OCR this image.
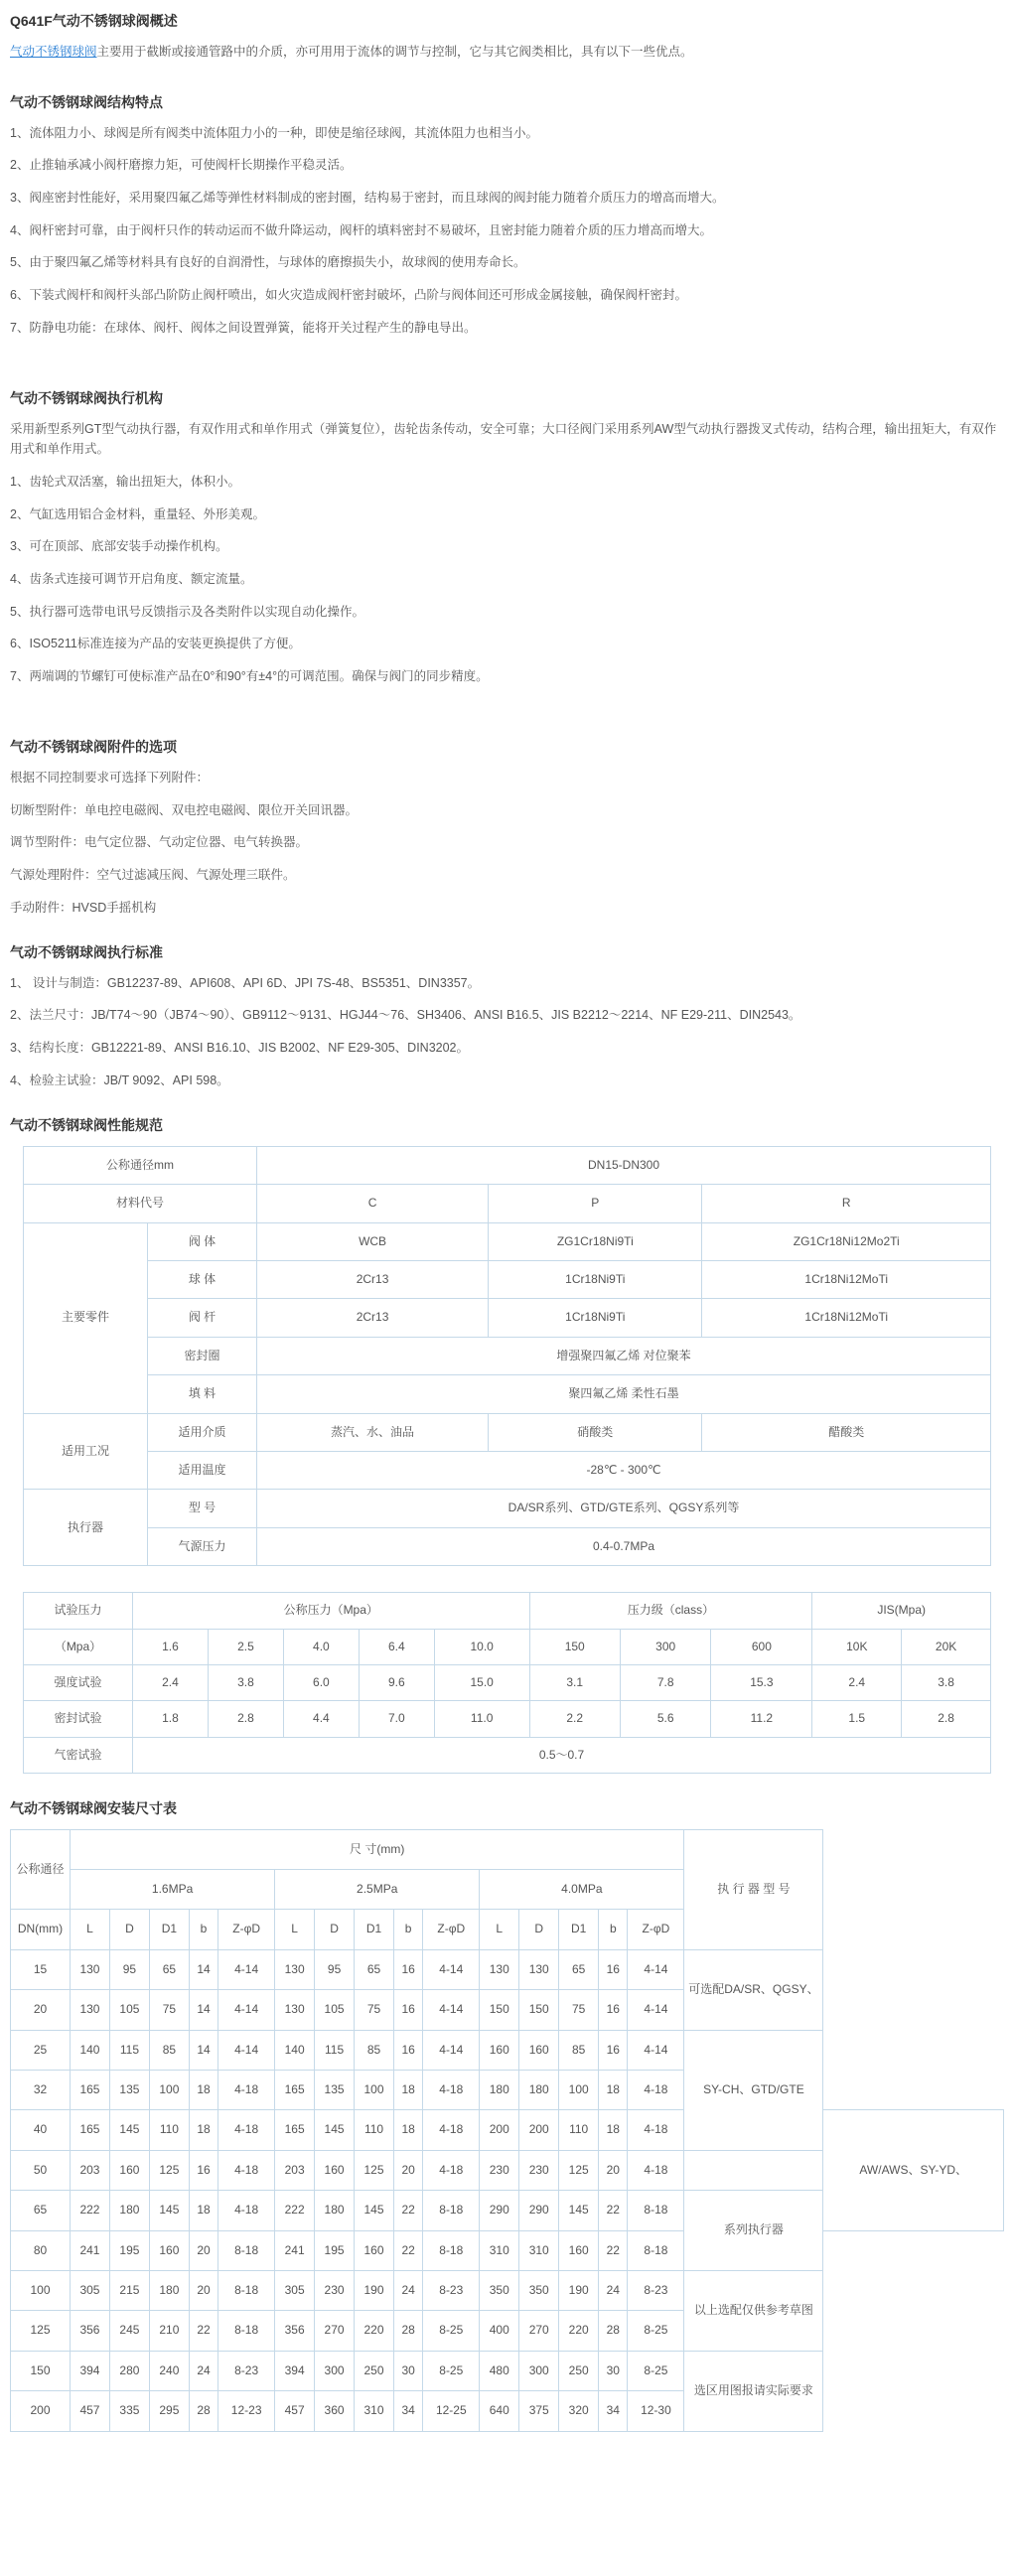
Q641F气动不锈钢球阀概述

气动不锈钢球阀主要用于截断或接通管路中的介质，亦可用用于流体的调节与控制，它与其它阀类相比，具有以下一些优点。

气动不锈钢球阀结构特点

1、流体阻力小、球阀是所有阀类中流体阻力小的一种，即使是缩径球阀，其流体阻力也相当小。

2、止推轴承减小阀杆磨擦力矩，可使阀杆长期操作平稳灵活。

3、阀座密封性能好，采用聚四氟乙烯等弹性材料制成的密封圈，结构易于密封，而且球阀的阀封能力随着介质压力的增高而增大。

4、阀杆密封可靠，由于阀杆只作的转动运而不做升降运动，阀杆的填料密封不易破坏，且密封能力随着介质的压力增高而增大。

5、由于聚四氟乙烯等材料具有良好的自润滑性，与球体的磨擦损失小，故球阀的使用寿命长。

6、下装式阀杆和阀杆头部凸阶防止阀杆喷出，如火灾造成阀杆密封破坏，凸阶与阀体间还可形成金属接触，确保阀杆密封。

7、防静电功能：在球体、阀杆、阀体之间设置弹簧，能将开关过程产生的静电导出。

气动不锈钢球阀执行机构

采用新型系列GT型气动执行器，有双作用式和单作用式（弹簧复位），齿轮齿条传动，安全可靠；大口径阀门采用系列AW型气动执行器拨叉式传动，结构合理，输出扭矩大，有双作用式和单作用式。

1、齿轮式双活塞，输出扭矩大，体积小。

2、气缸选用铝合金材料，重量轻、外形美观。

3、可在顶部、底部安装手动操作机构。

4、齿条式连接可调节开启角度、额定流量。

5、执行器可选带电讯号反馈指示及各类附件以实现自动化操作。

6、ISO5211标准连接为产品的安装更换提供了方便。

7、两端调的节螺钉可使标准产品在0°和90°有±4°的可调范围。确保与阀门的同步精度。

气动不锈钢球阀附件的选项

根据不同控制要求可选择下列附件：

切断型附件：单电控电磁阀、双电控电磁阀、限位开关回讯器。

调节型附件：电气定位器、气动定位器、电气转换器。

气源处理附件：空气过滤减压阀、气源处理三联件。

手动附件：HVSD手摇机构

气动不锈钢球阀执行标准

1、 设计与制造：GB12237-89、API608、API 6D、JPI 7S-48、BS5351、DIN3357。

2、法兰尺寸：JB/T74～90（JB74～90）、GB9112～9131、HGJ44～76、SH3406、ANSI B16.5、JIS B2212～2214、NF E29-211、DIN2543。

3、结构长度：GB12221-89、ANSI B16.10、JIS B2002、NF E29-305、DIN3202。

4、检验主试验：JB/T 9092、API 598。

气动不锈钢球阀性能规范
公称通径mm		DN15-DN300		
材料代号		C	P	R
主要零件	阀 体	WCB	ZG1Cr18Ni9Ti	ZG1Cr18Ni12Mo2Ti
	球 体	2Cr13	1Cr18Ni9Ti	1Cr18Ni12MoTi
	阀 杆	2Cr13	1Cr18Ni9Ti	1Cr18Ni12MoTi
	密封圈	增强聚四氟乙烯 对位聚苯		
	填 料	聚四氟乙烯 柔性石墨		
适用工况	适用介质	蒸汽、水、油品	硝酸类	醋酸类
	适用温度	-28℃ - 300℃		
执行器	型 号	DA/SR系列、GTD/GTE系列、QGSY系列等		
	气源压力	0.4-0.7MPa		
试验压力	公称压力（Mpa）					压力级（class）			JIS(Mpa)	
（Mpa）	1.6	2.5	4.0	6.4	10.0	150	300	600	10K	20K
强度试验	2.4	3.8	6.0	9.6	15.0	3.1	7.8	15.3	2.4	3.8
密封试验	1.8	2.8	4.4	7.0	11.0	2.2	5.6	11.2	1.5	2.8
气密试验	0.5～0.7									
气动不锈钢球阀安装尺寸表
公称通径	尺 寸(mm)															执 行 器 型 号	
	1.6MPa					2.5MPa					4.0MPa						
DN(mm)	L	D	D1	b	Z-φD	L	D	D1	b	Z-φD	L	D	D1	b	Z-φD		
15	130	95	65	14	4-14	130	95	65	16	4-14	130	130	65	16	4-14	可选配DA/SR、QGSY、	
20	130	105	75	14	4-14	130	105	75	16	4-14	150	150	75	16	4-14		
25	140	115	85	14	4-14	140	115	85	16	4-14	160	160	85	16	4-14	SY-CH、GTD/GTE	
32	165	135	100	18	4-18	165	135	100	18	4-18	180	180	100	18	4-18		
40	165	145	110	18	4-18	165	145	110	18	4-18	200	200	110	18	4-18		AW/AWS、SY-YD、
50	203	160	125	16	4-18	203	160	125	20	4-18	230	230	125	20	4-18		
65	222	180	145	18	4-18	222	180	145	22	8-18	290	290	145	22	8-18	系列执行器	
80	241	195	160	20	8-18	241	195	160	22	8-18	310	310	160	22	8-18		
100	305	215	180	20	8-18	305	230	190	24	8-23	350	350	190	24	8-23	以上选配仅供参考草图	
125	356	245	210	22	8-18	356	270	220	28	8-25	400	270	220	28	8-25		
150	394	280	240	24	8-23	394	300	250	30	8-25	480	300	250	30	8-25	选区用图报请实际要求	
200	457	335	295	28	12-23	457	360	310	34	12-25	640	375	320	34	12-30		
